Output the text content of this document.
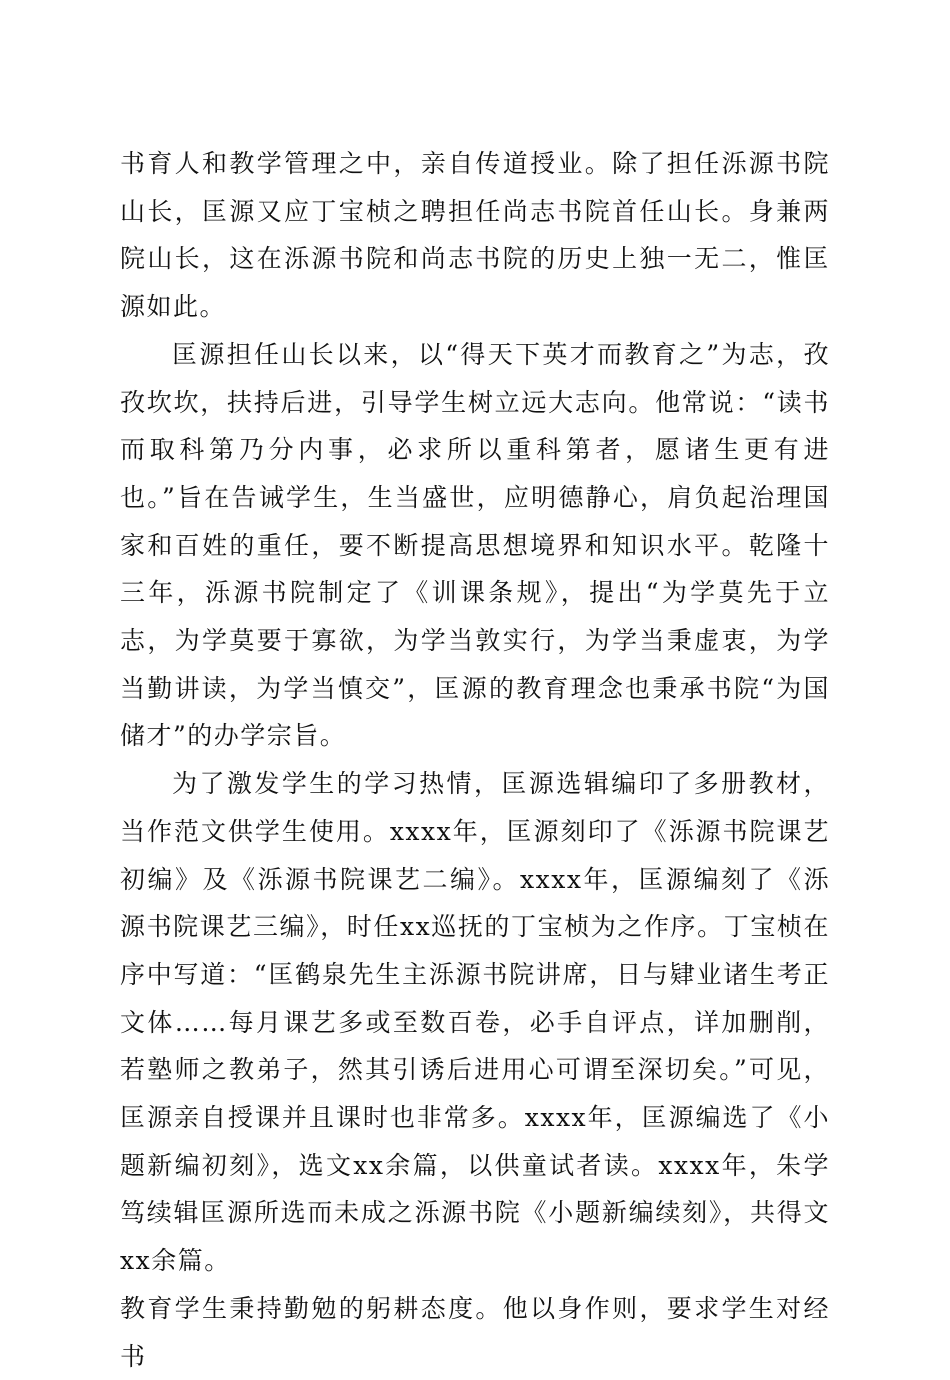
书育人和教学管理之中，亲自传道授业。除了担任泺源书院山长，匡源又应丁宝桢之聘担任尚志书院首任山长。身兼两院山长，这在泺源书院和尚志书院的历史上独一无二，惟匡源如此。

匡源担任山长以来，以“得天下英才而教育之”为志，孜孜坎坎，扶持后进，引导学生树立远大志向。他常说：“读书而取科第乃分内事，必求所以重科第者，愿诸生更有进也。”旨在告诫学生，生当盛世，应明德静心，肩负起治理国家和百姓的重任，要不断提高思想境界和知识水平。乾隆十三年，泺源书院制定了《训课条规》，提出“为学莫先于立志，为学莫要于寡欲，为学当敦实行，为学当秉虚衷，为学当勤讲读，为学当慎交”，匡源的教育理念也秉承书院“为国储才”的办学宗旨。

为了激发学生的学习热情，匡源选辑编印了多册教材，当作范文供学生使用。xxxx年，匡源刻印了《泺源书院课艺初编》及《泺源书院课艺二编》。xxxx年，匡源编刻了《泺源书院课艺三编》，时任xx巡抚的丁宝桢为之作序。丁宝桢在序中写道：“匡鹤泉先生主泺源书院讲席，日与肄业诸生考正文体……每月课艺多或至数百卷，必手自评点，详加删削，若塾师之教弟子，然其引诱后进用心可谓至深切矣。”可见，匡源亲自授课并且课时也非常多。xxxx年，匡源编选了《小题新编初刻》，选文xx余篇，以供童试者读。xxxx年，朱学笃续辑匡源所选而未成之泺源书院《小题新编续刻》，共得文xx余篇。

教育学生秉持勤勉的躬耕态度。他以身作则，要求学生对经书
